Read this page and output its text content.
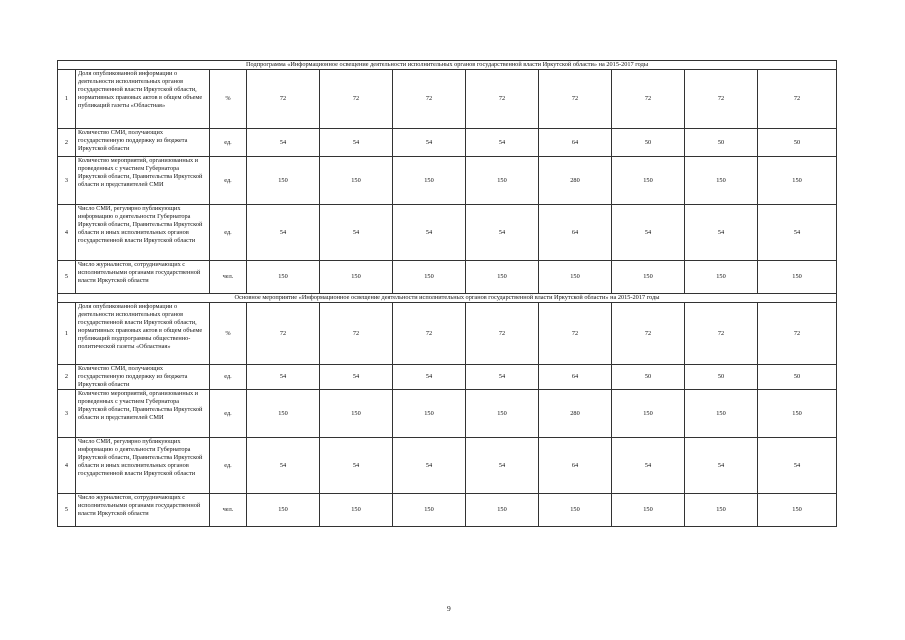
Подпрограмма «Информационное освещение деятельности исполнительных органов государственной власти Иркутской области» на 2015-2017 годы										
1	Доля опубликованной информации о деятельности исполнительных органов государственной власти Иркутской области, нормативных правовых актов в общем объеме публикаций газеты «Областная»	%	72	72	72	72	72	72	72	72
2	Количество СМИ, получающих государственную поддержку из бюджета Иркутской области	ед.	54	54	54	54	64	50	50	50
3	Количество мероприятий, организованных и проведенных с участием Губернатора Иркутской области, Правительства Иркутской области и представителей СМИ	ед.	150	150	150	150	280	150	150	150
4	Число СМИ, регулярно публикующих информацию о деятельности Губернатора Иркутской области, Правительства Иркутской области и иных исполнительных органов государственной власти Иркутской области	ед.	54	54	54	54	64	54	54	54
5	Число журналистов, сотрудничающих с исполнительными органами государственной власти Иркутской области	чел.	150	150	150	150	150	150	150	150
Основное мероприятие «Информационное освещение деятельности исполнительных органов государственной власти Иркутской области» на 2015-2017 годы										
1	Доля опубликованной информации о деятельности исполнительных органов государственной власти Иркутской области, нормативных правовых актов в общем объеме публикаций подпрограммы общественно-политической газеты «Областная»	%	72	72	72	72	72	72	72	72
2	Количество СМИ, получающих государственную поддержку из бюджета Иркутской области	ед.	54	54	54	54	64	50	50	50
3	Количество мероприятий, организованных и проведенных с участием Губернатора Иркутской области, Правительства Иркутской области и представителей СМИ	ед.	150	150	150	150	280	150	150	150
4	Число СМИ, регулярно публикующих информацию о деятельности Губернатора Иркутской области, Правительства Иркутской области и иных исполнительных органов государственной власти Иркутской области	ед.	54	54	54	54	64	54	54	54
5	Число журналистов, сотрудничающих с исполнительными органами государственной власти Иркутской области	чел.	150	150	150	150	150	150	150	150
9
